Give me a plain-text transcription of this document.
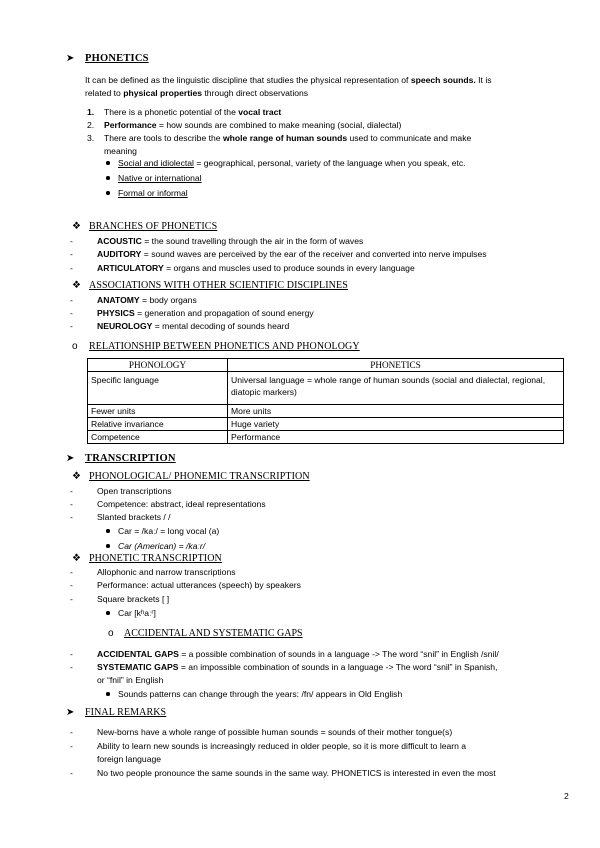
➤ PHONETICS
It can be defined as the linguistic discipline that studies the physical representation of speech sounds. It is
related to physical properties through direct observations
1. There is a phonetic potential of the vocal tract
2. Performance = how sounds are combined to make meaning (social, dialectal)
3. There are tools to describe the whole range of human sounds used to communicate and make
meaning
Social and idiolectal = geographical, personal, variety of the language when you speak, etc.
Native or international
Formal or informal
❖ BRANCHES OF PHONETICS
-	ACOUSTIC = the sound travelling through the air in the form of waves
-	AUDITORY = sound waves are perceived by the ear of the receiver and converted into nerve impulses
-	ARTICULATORY = organs and muscles used to produce sounds in every language
❖ ASSOCIATIONS WITH OTHER SCIENTIFIC DISCIPLINES
-	ANATOMY = body organs
-	PHYSICS = generation and propagation of sound energy
-	NEUROLOGY = mental decoding of sounds heard
o RELATIONSHIP BETWEEN PHONETICS AND PHONOLOGY
PHONOLOGY	PHONETICS
Specific language	Universal language = whole range of human sounds (social and dialectal, regional, diatopic markers)
Fewer units	More units
Relative invariance	Huge variety
Competence	Performance
➤ TRANSCRIPTION
❖ PHONOLOGICAL/ PHONEMIC TRANSCRIPTION
-	Open transcriptions
-	Competence: abstract, ideal representations
-	Slanted brackets / /
Car = /kaː/ = long vocal (a)
Car (American) = /kaːr/
❖ PHONETIC TRANSCRIPTION
-	Allophonic and narrow transcriptions
-	Performance: actual utterances (speech) by speakers
-	Square brackets [ ]
Car [kʰaːʳ]
o ACCIDENTAL AND SYSTEMATIC GAPS
-	ACCIDENTAL GAPS = a possible combination of sounds in a language -> The word “snil” in English /snil/
-	SYSTEMATIC GAPS = an impossible combination of sounds in a language -> The word “snil” in Spanish,
or “fnil” in English
Sounds patterns can change through the years: /fn/ appears in Old English
➤ FINAL REMARKS
-	New-borns have a whole range of possible human sounds = sounds of their mother tongue(s)
-	Ability to learn new sounds is increasingly reduced in older people, so it is more difficult to learn a
foreign language
-	No two people pronounce the same sounds in the same way. PHONETICS is interested in even the most
2
